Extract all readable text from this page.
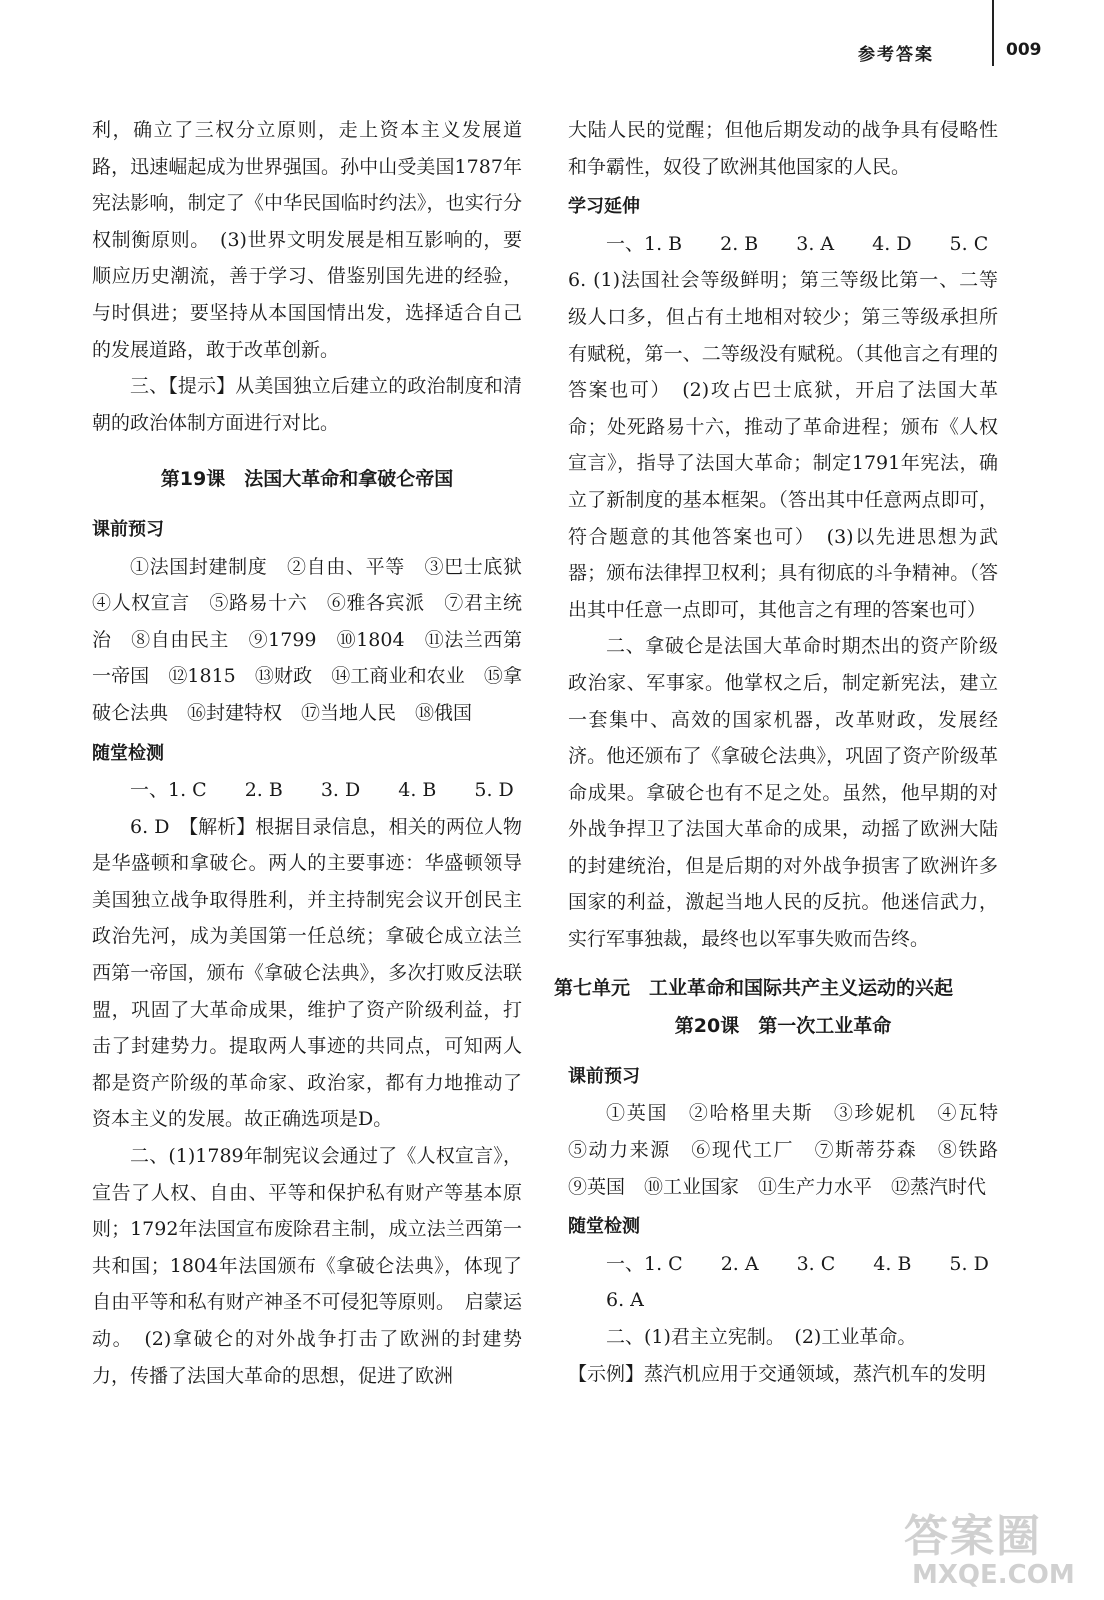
参考答案	009

利，确立了三权分立原则，走上资本主义发展道路，迅速崛起成为世界强国。孙中山受美国1787年宪法影响，制定了《中华民国临时约法》，也实行分权制衡原则。　(3)世界文明发展是相互影响的，要顺应历史潮流，善于学习、借鉴别国先进的经验，与时俱进；要坚持从本国国情出发，选择适合自己的发展道路，敢于改革创新。

三、【提示】从美国独立后建立的政治制度和清朝的政治体制方面进行对比。

第19课　法国大革命和拿破仑帝国
课前预习

①法国封建制度　②自由、平等　③巴士底狱　④人权宣言　⑤路易十六　⑥雅各宾派　⑦君主统治　⑧自由民主　⑨1799　⑩1804　⑪法兰西第一帝国　⑫1815　⑬财政　⑭工商业和农业　⑮拿破仑法典　⑯封建特权　⑰当地人民　⑱俄国

随堂检测

一、1. C　　2. B　　3. D　　4. B　　5. D

6. D　【解析】根据目录信息，相关的两位人物是华盛顿和拿破仑。两人的主要事迹：华盛顿领导美国独立战争取得胜利，并主持制宪会议开创民主政治先河，成为美国第一任总统；拿破仑成立法兰西第一帝国，颁布《拿破仑法典》，多次打败反法联盟，巩固了大革命成果，维护了资产阶级利益，打击了封建势力。提取两人事迹的共同点，可知两人都是资产阶级的革命家、政治家，都有力地推动了资本主义的发展。故正确选项是D。

二、(1)1789年制宪议会通过了《人权宣言》，宣告了人权、自由、平等和保护私有财产等基本原则；1792年法国宣布废除君主制，成立法兰西第一共和国；1804年法国颁布《拿破仑法典》，体现了自由平等和私有财产神圣不可侵犯等原则。　启蒙运动。　(2)拿破仑的对外战争打击了欧洲的封建势力，传播了法国大革命的思想，促进了欧洲

大陆人民的觉醒；但他后期发动的战争具有侵略性和争霸性，奴役了欧洲其他国家的人民。

学习延伸

一、1. B　　2. B　　3. A　　4. D　　5. C

6. (1)法国社会等级鲜明；第三等级比第一、二等级人口多，但占有土地相对较少；第三等级承担所有赋税，第一、二等级没有赋税。（其他言之有理的答案也可）　(2)攻占巴士底狱，开启了法国大革命；处死路易十六，推动了革命进程；颁布《人权宣言》，指导了法国大革命；制定1791年宪法，确立了新制度的基本框架。（答出其中任意两点即可，符合题意的其他答案也可）　(3)以先进思想为武器；颁布法律捍卫权利；具有彻底的斗争精神。（答出其中任意一点即可，其他言之有理的答案也可）

二、拿破仑是法国大革命时期杰出的资产阶级政治家、军事家。他掌权之后，制定新宪法，建立一套集中、高效的国家机器，改革财政，发展经济。他还颁布了《拿破仑法典》，巩固了资产阶级革命成果。拿破仑也有不足之处。虽然，他早期的对外战争捍卫了法国大革命的成果，动摇了欧洲大陆的封建统治，但是后期的对外战争损害了欧洲许多国家的利益，激起当地人民的反抗。他迷信武力，实行军事独裁，最终也以军事失败而告终。

第七单元　工业革命和国际共产主义运动的兴起
第20课　第一次工业革命
课前预习

①英国　②哈格里夫斯　③珍妮机　④瓦特　⑤动力来源　⑥现代工厂　⑦斯蒂芬森　⑧铁路　⑨英国　⑩工业国家　⑪生产力水平　⑫蒸汽时代

随堂检测

一、1. C　　2. A　　3. C　　4. B　　5. D

6. A

二、(1)君主立宪制。　(2)工业革命。

【示例】蒸汽机应用于交通领域，蒸汽机车的发明

答案圈
MXQE.COM
